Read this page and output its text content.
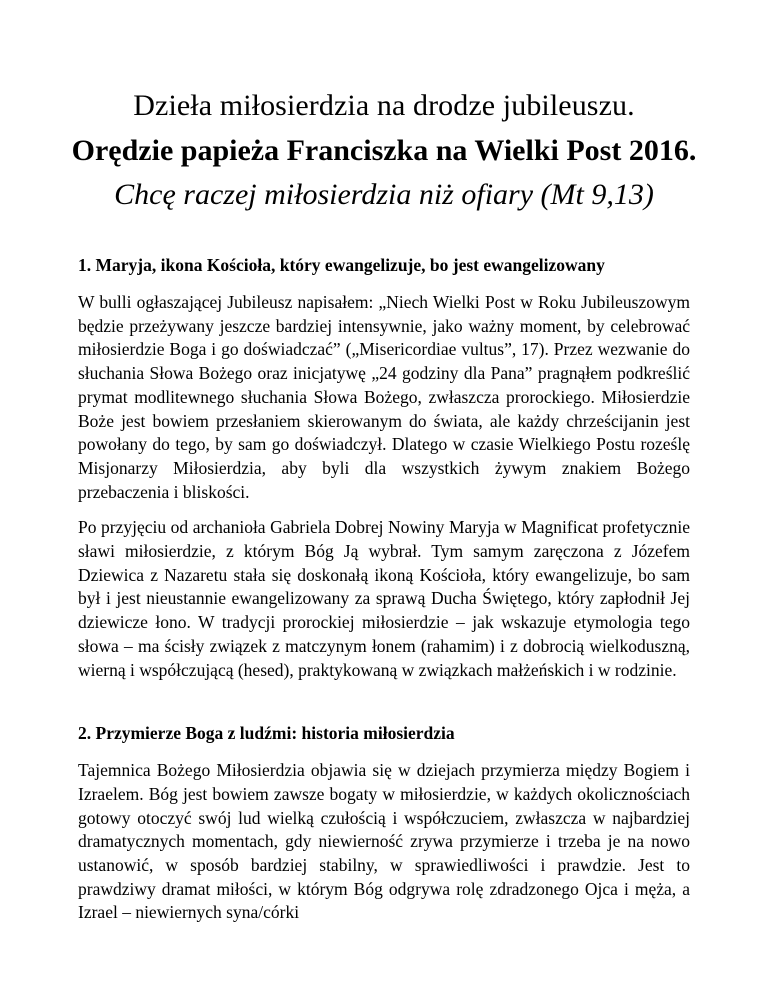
Dzieła miłosierdzia na drodze jubileuszu.
Orędzie papieża Franciszka na Wielki Post 2016.
Chcę raczej miłosierdzia niż ofiary (Mt 9,13)
1. Maryja, ikona Kościoła, który ewangelizuje, bo jest ewangelizowany

W bulli ogłaszającej Jubileusz napisałem: „Niech Wielki Post w Roku Jubileuszowym będzie przeżywany jeszcze bardziej intensywnie, jako ważny moment, by celebrować miłosierdzie Boga i go doświadczać” („Misericordiae vultus”, 17). Przez wezwanie do słuchania Słowa Bożego oraz inicjatywę „24 godziny dla Pana” pragnąłem podkreślić prymat modlitewnego słuchania Słowa Bożego, zwłaszcza prorockiego. Miłosierdzie Boże jest bowiem przesłaniem skierowanym do świata, ale każdy chrześcijanin jest powołany do tego, by sam go doświadczył. Dlatego w czasie Wielkiego Postu roześlę Misjonarzy Miłosierdzia, aby byli dla wszystkich żywym znakiem Bożego przebaczenia i bliskości.

Po przyjęciu od archanioła Gabriela Dobrej Nowiny Maryja w Magnificat profetycznie sławi miłosierdzie, z którym Bóg Ją wybrał. Tym samym zaręczona z Józefem Dziewica z Nazaretu stała się doskonałą ikoną Kościoła, który ewangelizuje, bo sam był i jest nieustannie ewangelizowany za sprawą Ducha Świętego, który zapłodnił Jej dziewicze łono. W tradycji prorockiej miłosierdzie – jak wskazuje etymologia tego słowa – ma ścisły związek z matczynym łonem (rahamim) i z dobrocią wielkoduszną, wierną i współczującą (hesed), praktykowaną w związkach małżeńskich i w rodzinie.

2. Przymierze Boga z ludźmi: historia miłosierdzia

Tajemnica Bożego Miłosierdzia objawia się w dziejach przymierza między Bogiem i Izraelem. Bóg jest bowiem zawsze bogaty w miłosierdzie, w każdych okolicznościach gotowy otoczyć swój lud wielką czułością i współczuciem, zwłaszcza w najbardziej dramatycznych momentach, gdy niewierność zrywa przymierze i trzeba je na nowo ustanowić, w sposób bardziej stabilny, w sprawiedliwości i prawdzie. Jest to prawdziwy dramat miłości, w którym Bóg odgrywa rolę zdradzonego Ojca i męża, a Izrael – niewiernych syna/córki
